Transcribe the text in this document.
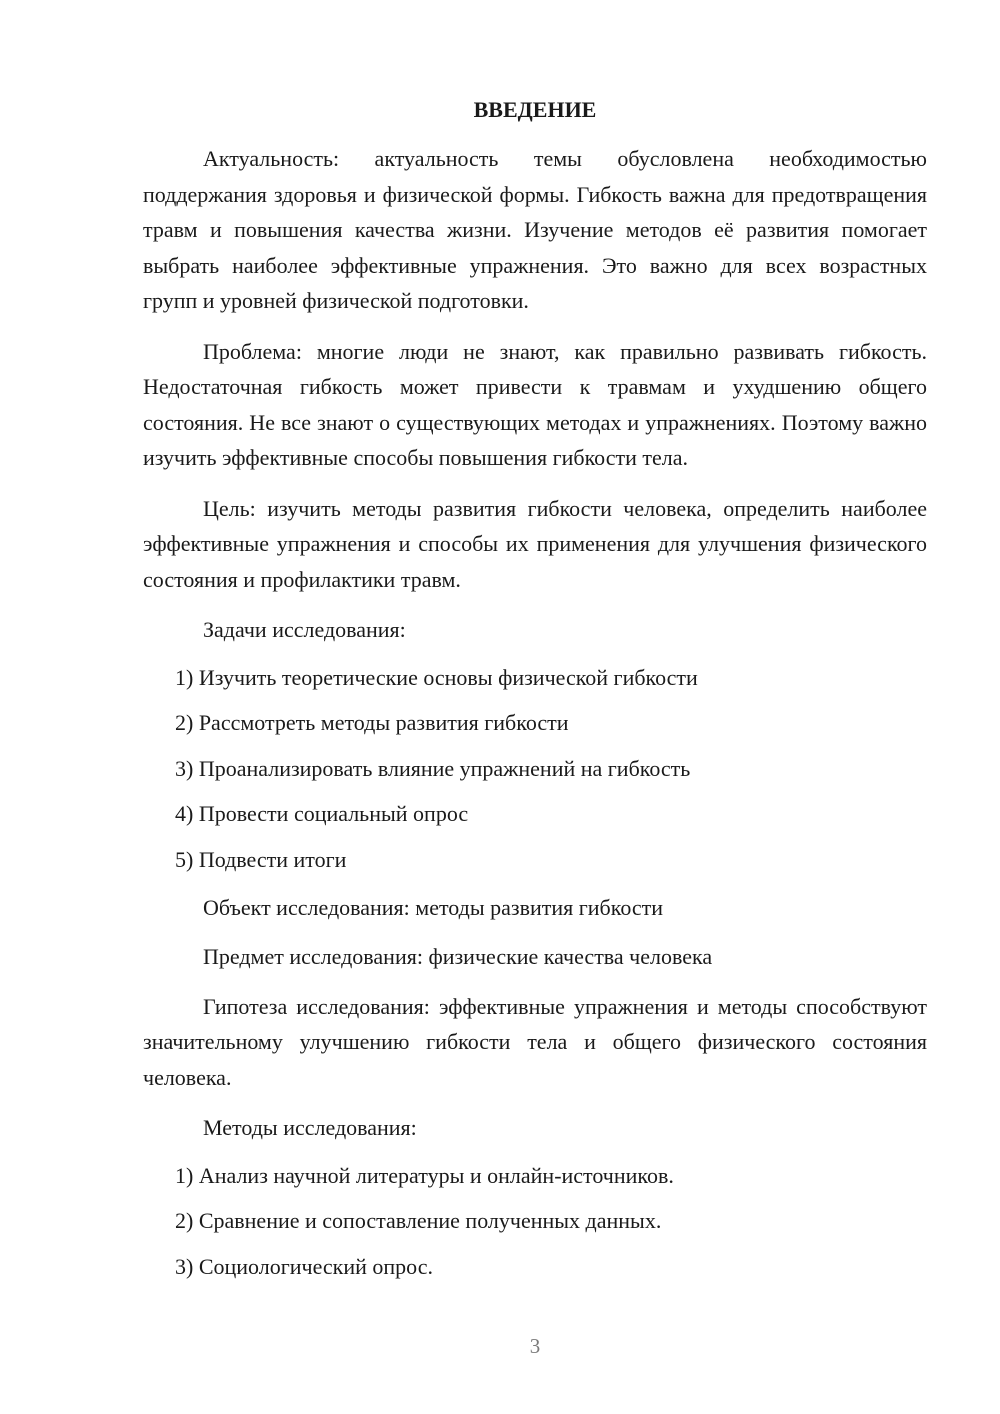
ВВЕДЕНИЕ

Актуальность: актуальность темы обусловлена необходимостью поддержания здоровья и физической формы. Гибкость важна для предотвращения травм и повышения качества жизни. Изучение методов её развития помогает выбрать наиболее эффективные упражнения. Это важно для всех возрастных групп и уровней физической подготовки.

Проблема: многие люди не знают, как правильно развивать гибкость. Недостаточная гибкость может привести к травмам и ухудшению общего состояния. Не все знают о существующих методах и упражнениях. Поэтому важно изучить эффективные способы повышения гибкости тела.

Цель: изучить методы развития гибкости человека, определить наиболее эффективные упражнения и способы их применения для улучшения физического состояния и профилактики травм.

Задачи исследования:

1) Изучить теоретические основы физической гибкости
2) Рассмотреть методы развития гибкости
3) Проанализировать влияние упражнений на гибкость
4) Провести социальный опрос
5) Подвести итоги

Объект исследования: методы развития гибкости

Предмет исследования: физические качества человека

Гипотеза исследования: эффективные упражнения и методы способствуют значительному улучшению гибкости тела и общего физического состояния человека.

Методы исследования:

1) Анализ научной литературы и онлайн-источников.
2) Сравнение и сопоставление полученных данных.
3) Социологический опрос.
3
